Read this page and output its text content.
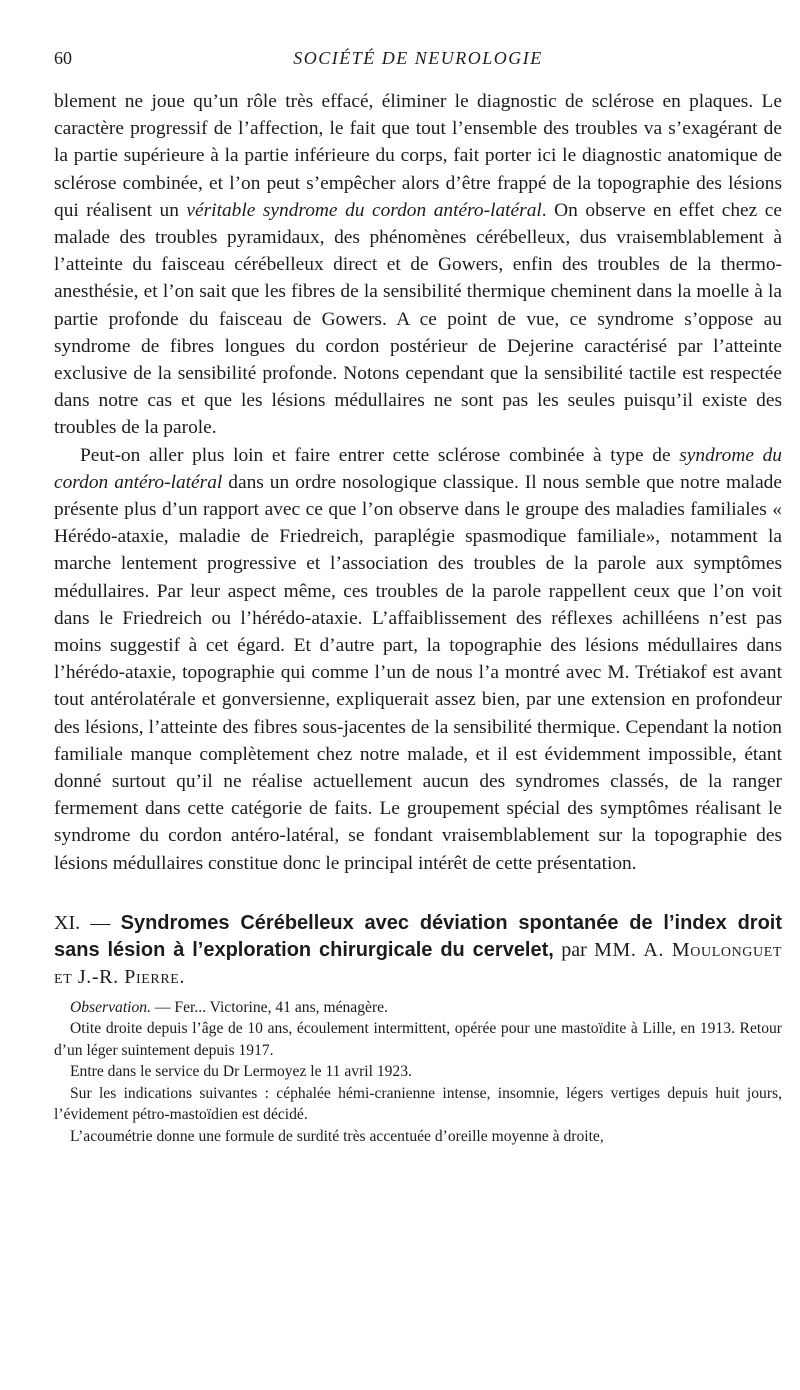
60	SOCIÉTÉ DE NEUROLOGIE

blement ne joue qu’un rôle très effacé, éliminer le diagnostic de sclérose en plaques. Le caractère progressif de l’affection, le fait que tout l’ensemble des troubles va s’exagérant de la partie supérieure à la partie inférieure du corps, fait porter ici le diagnostic anatomique de sclérose combinée, et l’on peut s’empêcher alors d’être frappé de la topographie des lésions qui réalisent un véritable syndrome du cordon antéro-latéral. On observe en effet chez ce malade des troubles pyramidaux, des phénomènes cérébelleux, dus vraisemblablement à l’atteinte du faisceau cérébelleux direct et de Gowers, enfin des troubles de la thermo-anesthésie, et l’on sait que les fibres de la sensibilité thermique cheminent dans la moelle à la partie profonde du faisceau de Gowers. A ce point de vue, ce syndrome s’oppose au syndrome de fibres longues du cordon postérieur de Dejerine caractérisé par l’atteinte exclusive de la sensibilité profonde. Notons cependant que la sensibilité tactile est respectée dans notre cas et que les lésions médullaires ne sont pas les seules puisqu’il existe des troubles de la parole.

Peut-on aller plus loin et faire entrer cette sclérose combinée à type de syndrome du cordon antéro-latéral dans un ordre nosologique classique. Il nous semble que notre malade présente plus d’un rapport avec ce que l’on observe dans le groupe des maladies familiales « Hérédo-ataxie, maladie de Friedreich, paraplégie spasmodique familiale», notamment la marche lentement progressive et l’association des troubles de la parole aux symptômes médullaires. Par leur aspect même, ces troubles de la parole rappellent ceux que l’on voit dans le Friedreich ou l’hérédo-ataxie. L’affaiblissement des réflexes achilléens n’est pas moins suggestif à cet égard. Et d’autre part, la topographie des lésions médullaires dans l’hérédo-ataxie, topographie qui comme l’un de nous l’a montré avec M. Trétiakof est avant tout antérolatérale et gonversienne, expliquerait assez bien, par une extension en profondeur des lésions, l’atteinte des fibres sous-jacentes de la sensibilité thermique. Cependant la notion familiale manque complètement chez notre malade, et il est évidemment impossible, étant donné surtout qu’il ne réalise actuellement aucun des syndromes classés, de la ranger fermement dans cette catégorie de faits. Le groupement spécial des symptômes réalisant le syndrome du cordon antéro-latéral, se fondant vraisemblablement sur la topographie des lésions médullaires constitue donc le principal intérêt de cette présentation.

XI. — Syndromes Cérébelleux avec déviation spontanée de l’index droit sans lésion à l’exploration chirurgicale du cervelet, par MM. A. Moulonguet et J.-R. Pierre.

Observation. — Fer... Victorine, 41 ans, ménagère.

Otite droite depuis l’âge de 10 ans, écoulement intermittent, opérée pour une mastoïdite à Lille, en 1913. Retour d’un léger suintement depuis 1917.

Entre dans le service du Dr Lermoyez le 11 avril 1923.

Sur les indications suivantes : céphalée hémi-cranienne intense, insomnie, légers vertiges depuis huit jours, l’évidement pétro-mastoïdien est décidé.

L’acoumétrie donne une formule de surdité très accentuée d’oreille moyenne à droite,
